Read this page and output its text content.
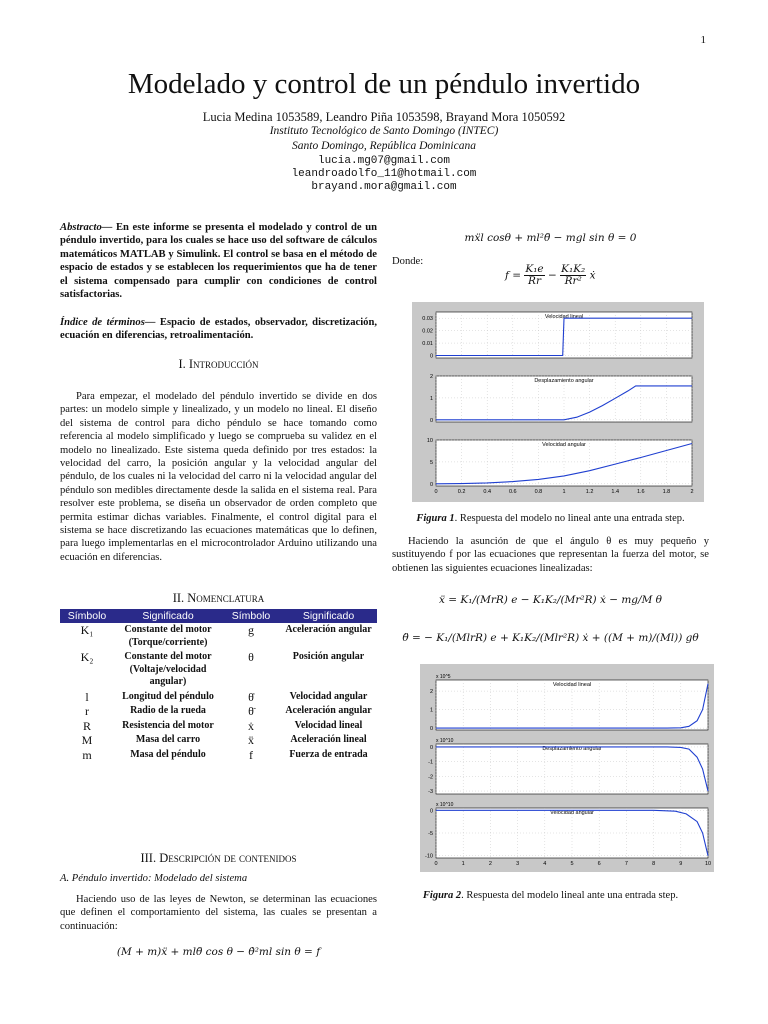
1
Modelado y control de un péndulo invertido
Lucia Medina 1053589, Leandro Piña 1053598, Brayand Mora 1050592
Instituto Tecnológico de Santo Domingo (INTEC)
Santo Domingo, República Dominicana
lucia.mg07@gmail.com
leandroadolfo_11@hotmail.com
brayand.mora@gmail.com
Abstracto— En este informe se presenta el modelado y control de un péndulo invertido, para los cuales se hace uso del software de cálculos matemáticos MATLAB y Simulink. El control se basa en el método de espacio de estados y se establecen los requerimientos que ha de tener el sistema compensado para cumplir con condiciones de control satisfactorias.
Índice de términos— Espacio de estados, observador, discretización, ecuación en diferencias, retroalimentación.
I. Introducción
Para empezar, el modelado del péndulo invertido se divide en dos partes: un modelo simple y linealizado, y un modelo no lineal. El diseño del sistema de control para dicho péndulo se hace tomando como referencia al modelo simplificado y luego se comprueba su validez en el modelo no linealizado. Este sistema queda definido por tres estados: la velocidad del carro, la posición angular y la velocidad angular del péndulo, de los cuales ni la velocidad del carro ni la velocidad angular del péndulo son medibles directamente desde la salida en el sistema real. Para resolver este problema, se diseña un observador de orden completo que permita estimar dichas variables. Finalmente, el control digital para el sistema se hace discretizando las ecuaciones matemáticas que lo definen, para luego implementarlas en el microcontrolador Arduino utilizando una ecuación en diferencias.
II. Nomenclatura
Símbolo	Significado	Símbolo	Significado
K₁	Constante del motor (Torque/corriente)	g	Aceleración angular
K₂	Constante del motor (Voltaje/velocidad angular)	θ	Posición angular
l	Longitud del péndulo	θ̇	Velocidad angular
r	Radio de la rueda	θ̈	Aceleración angular
R	Resistencia del motor	ẋ	Velocidad lineal
M	Masa del carro	ẍ	Aceleración lineal
m	Masa del péndulo	f	Fuerza de entrada
III. Descripción de contenidos
A. Péndulo invertido: Modelado del sistema
Haciendo uso de las leyes de Newton, se determinan las ecuaciones que definen el comportamiento del sistema, las cuales se presentan a continuación:
(M + m)ẍ + mlθ̈ cos θ − θ̇²ml sin θ = f
mẍl cosθ + ml²θ̈ − mgl sin θ = 0
Donde:
$f = \frac{\text{K₁e}}{Rr} - \frac{\text{K₁K₂}}{\text{Rr²}}$ ẋ
0
0.01
0.02
0.03	Velocidad lineal
0
1
2
Desplazamiento angular
0
5
10
Velocidad angular
0	0.2	0.4	0.6	0.8	1	1.2	1.4	1.6	1.8	2
Figura 1. Respuesta del modelo no lineal ante una entrada step.
Haciendo la asunción de que el ángulo θ es muy pequeño y sustituyendo f por las ecuaciones que representan la fuerza del motor, se obtienen las siguientes ecuaciones linealizadas:
ẍ = K₁/(MrR) e − K₁K₂/(Mr²R) ẋ − mg/M θ
θ̈ = − K₁/(MlrR) e + K₁K₂/(Mlr²R) ẋ + ((M + m)/(Ml)) gθ
0
1
2
Velocidad lineal
x 10^5
-3
-2
-1
0	Desplazamiento angular
x 10^10
-10
-5
0	Velocidad angular
x 10^10
0	1	2	3	4	5	6	7	8	9	10
Figura 2. Respuesta del modelo lineal ante una entrada step.
